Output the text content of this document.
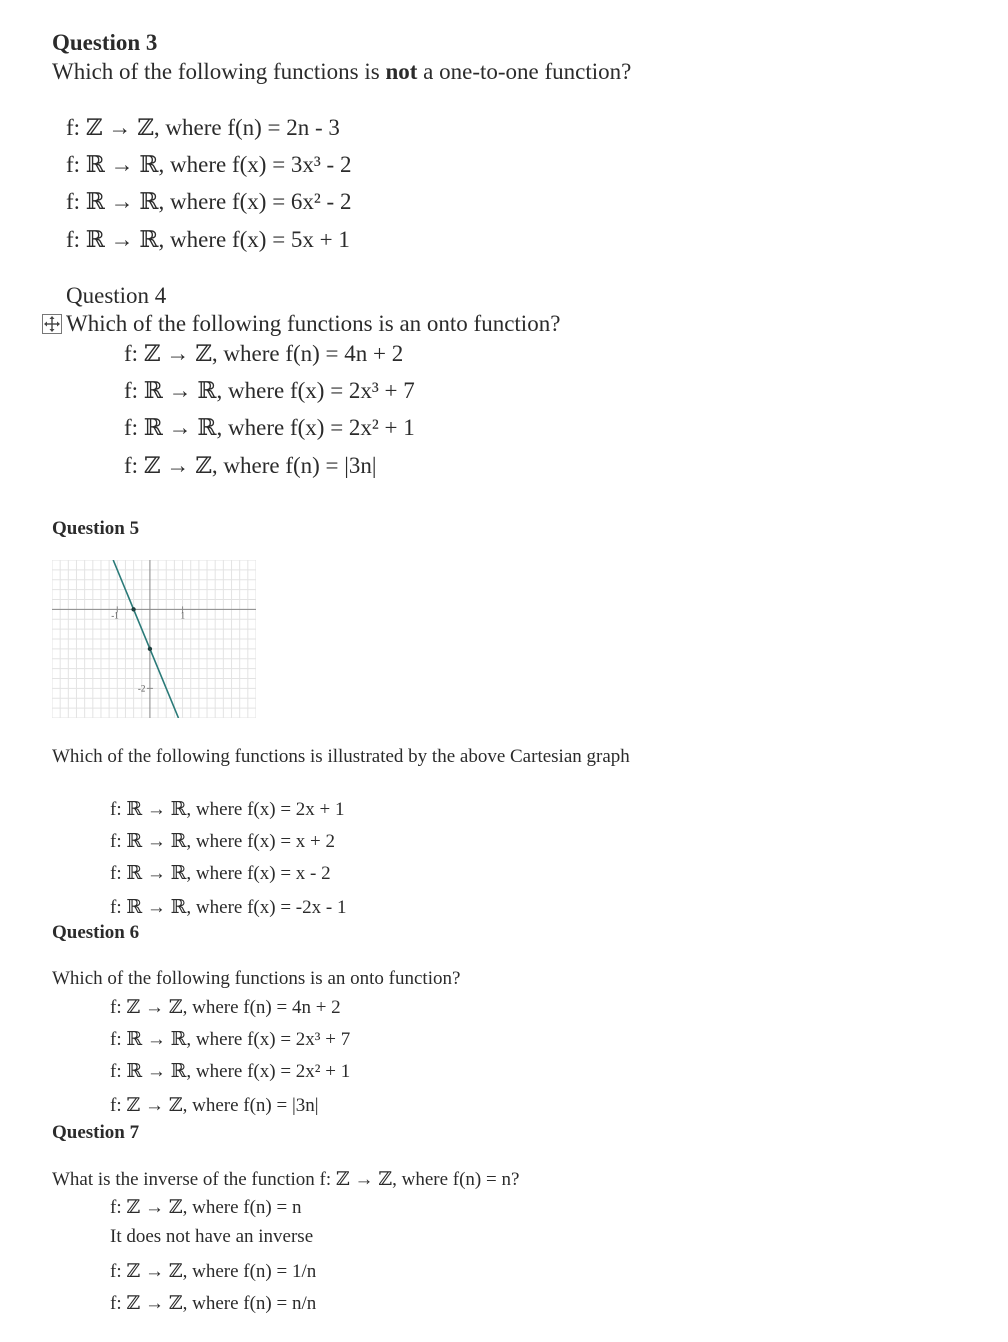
Question 3
Which of the following functions is not a one-to-one function?
f: ℤ → ℤ, where f(n) = 2n - 3
f: ℝ → ℝ, where f(x) = 3x³ - 2
f: ℝ → ℝ, where f(x) = 6x² - 2
f: ℝ → ℝ, where f(x) = 5x + 1
Question 4
Which of the following functions is an onto function?
f: ℤ → ℤ, where f(n) = 4n + 2
f: ℝ → ℝ, where f(x) = 2x³ + 7
f: ℝ → ℝ, where f(x) = 2x² + 1
f: ℤ → ℤ, where f(n) = |3n|
Question 5
-1	1
-2
Which of the following functions is illustrated by the above Cartesian graph
f: ℝ → ℝ, where f(x) = 2x + 1
f: ℝ → ℝ, where f(x) = x + 2
f: ℝ → ℝ, where f(x) = x - 2
f: ℝ → ℝ, where f(x) = -2x - 1
Question 6
Which of the following functions is an onto function?
f: ℤ → ℤ, where f(n) = 4n + 2
f: ℝ → ℝ, where f(x) = 2x³ + 7
f: ℝ → ℝ, where f(x) = 2x² + 1
f: ℤ → ℤ, where f(n) = |3n|
Question 7
What is the inverse of the function f: ℤ → ℤ, where f(n) = n?
f: ℤ → ℤ, where f(n) = n
It does not have an inverse
f: ℤ → ℤ, where f(n) = 1/n
f: ℤ → ℤ, where f(n) = n/n
